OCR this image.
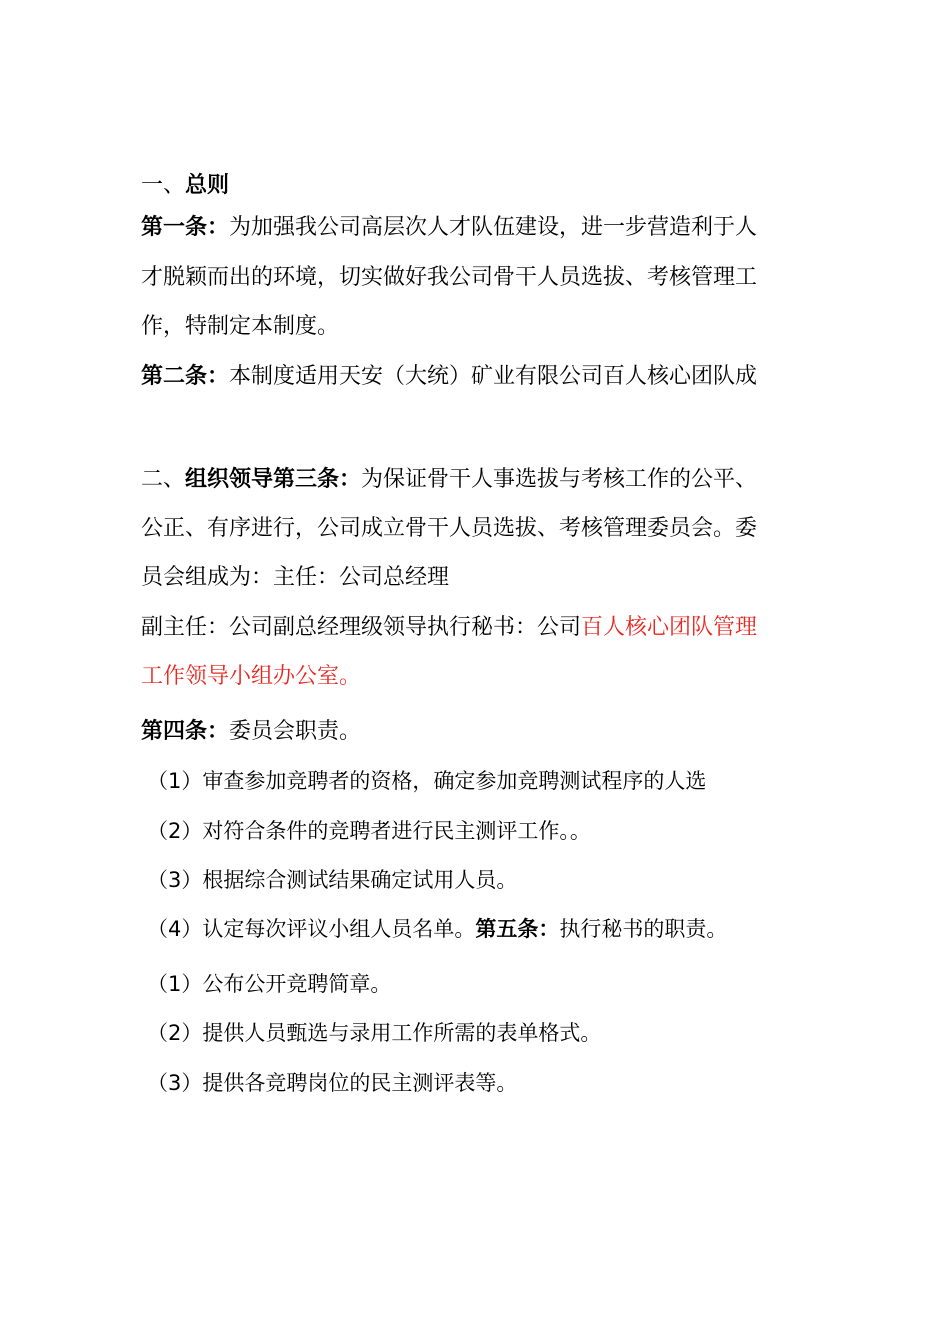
一、总则
第一条：为加强我公司高层次人才队伍建设，进一步营造利于人
才脱颖而出的环境，切实做好我公司骨干人员选拔、考核管理工
作，特制定本制度。
第二条：本制度适用天安（大统）矿业有限公司百人核心团队成
二、组织领导第三条：为保证骨干人事选拔与考核工作的公平、
公正、有序进行，公司成立骨干人员选拔、考核管理委员会。委
员会组成为：主任：公司总经理
副主任：公司副总经理级领导执行秘书：公司百人核心团队管理
工作领导小组办公室。
第四条：委员会职责。
（1）审查参加竞聘者的资格，确定参加竞聘测试程序的人选
（2）对符合条件的竞聘者进行民主测评工作。。
（3）根据综合测试结果确定试用人员。
（4）认定每次评议小组人员名单。第五条：执行秘书的职责。
（1）公布公开竞聘简章。
（2）提供人员甄选与录用工作所需的表单格式。
（3）提供各竞聘岗位的民主测评表等。
